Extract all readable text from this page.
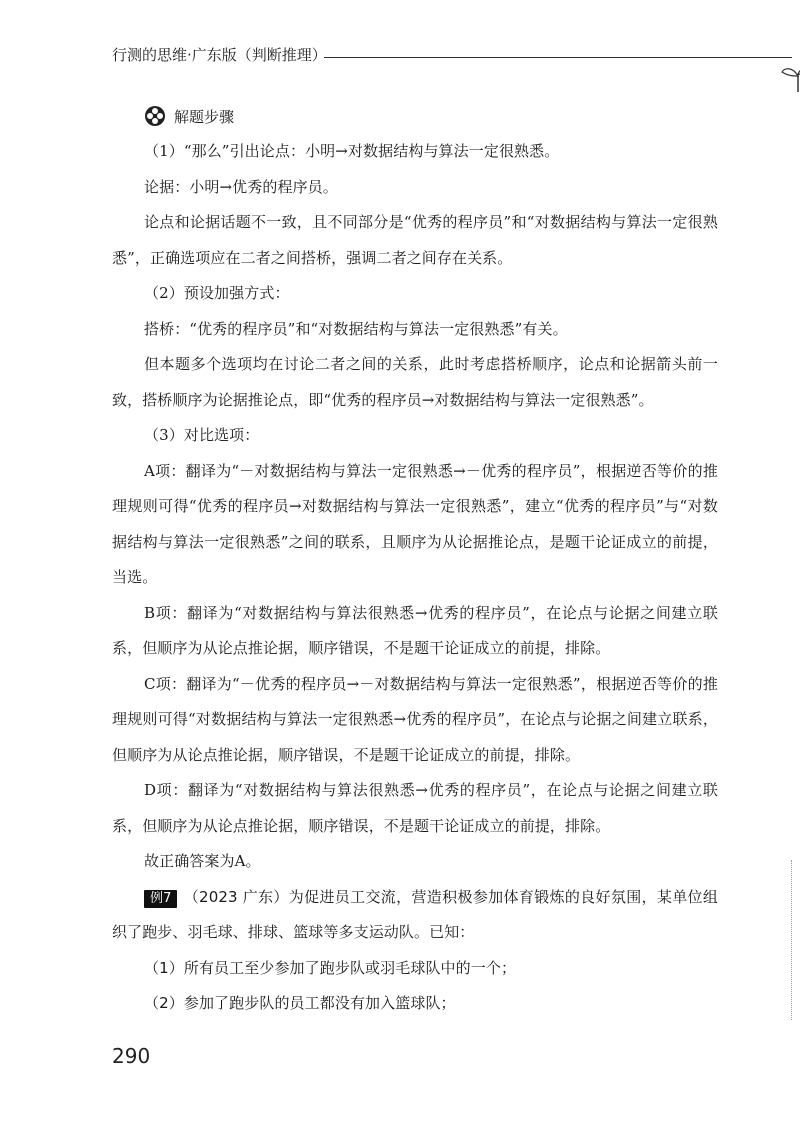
行测的思维·广东版（判断推理）
解题步骤

（1）“那么”引出论点：小明→对数据结构与算法一定很熟悉。

论据：小明→优秀的程序员。

论点和论据话题不一致，且不同部分是“优秀的程序员”和“对数据结构与算法一定很熟悉”，正确选项应在二者之间搭桥，强调二者之间存在关系。

（2）预设加强方式：

搭桥：“优秀的程序员”和“对数据结构与算法一定很熟悉”有关。

但本题多个选项均在讨论二者之间的关系，此时考虑搭桥顺序，论点和论据箭头前一致，搭桥顺序为论据推论点，即“优秀的程序员→对数据结构与算法一定很熟悉”。

（3）对比选项：

A项：翻译为“－对数据结构与算法一定很熟悉→－优秀的程序员”，根据逆否等价的推理规则可得“优秀的程序员→对数据结构与算法一定很熟悉”，建立“优秀的程序员”与“对数据结构与算法一定很熟悉”之间的联系，且顺序为从论据推论点，是题干论证成立的前提，当选。

B项：翻译为“对数据结构与算法很熟悉→优秀的程序员”，在论点与论据之间建立联系，但顺序为从论点推论据，顺序错误，不是题干论证成立的前提，排除。

C项：翻译为“－优秀的程序员→－对数据结构与算法一定很熟悉”，根据逆否等价的推理规则可得“对数据结构与算法一定很熟悉→优秀的程序员”，在论点与论据之间建立联系，但顺序为从论点推论据，顺序错误，不是题干论证成立的前提，排除。

D项：翻译为“对数据结构与算法很熟悉→优秀的程序员”，在论点与论据之间建立联系，但顺序为从论点推论据，顺序错误，不是题干论证成立的前提，排除。

故正确答案为A。

例7 （2023 广东）为促进员工交流，营造积极参加体育锻炼的良好氛围，某单位组织了跑步、羽毛球、排球、篮球等多支运动队。已知：

（1）所有员工至少参加了跑步队或羽毛球队中的一个；

（2）参加了跑步队的员工都没有加入篮球队；

290
